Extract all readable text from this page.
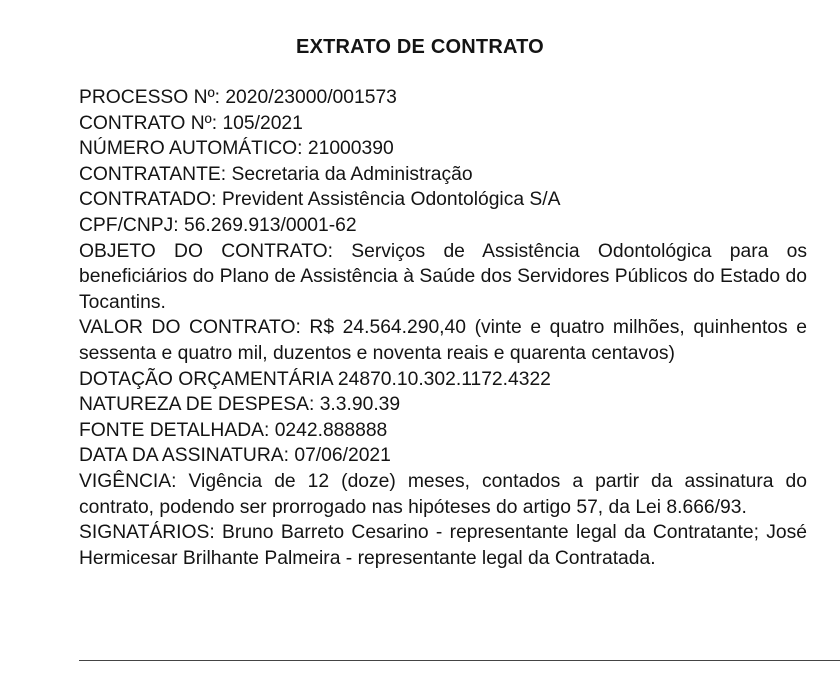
EXTRATO DE CONTRATO

PROCESSO Nº: 2020/23000/001573

CONTRATO Nº: 105/2021

NÚMERO AUTOMÁTICO: 21000390

CONTRATANTE: Secretaria da Administração

CONTRATADO: Prevident Assistência Odontológica S/A

CPF/CNPJ: 56.269.913/0001-62

OBJETO DO CONTRATO: Serviços de Assistência Odontológica para os beneficiários do Plano de Assistência à Saúde dos Servidores Públicos do Estado do Tocantins.

VALOR DO CONTRATO: R$ 24.564.290,40 (vinte e quatro milhões, quinhentos e sessenta e quatro mil, duzentos e noventa reais e quarenta centavos)

DOTAÇÃO ORÇAMENTÁRIA 24870.10.302.1172.4322

NATUREZA DE DESPESA: 3.3.90.39

FONTE DETALHADA: 0242.888888

DATA DA ASSINATURA: 07/06/2021

VIGÊNCIA: Vigência de 12 (doze) meses, contados a partir da assinatura do contrato, podendo ser prorrogado nas hipóteses do artigo 57, da Lei 8.666/93.

SIGNATÁRIOS: Bruno Barreto Cesarino - representante legal da Contratante; José Hermicesar Brilhante Palmeira - representante legal da Contratada.
